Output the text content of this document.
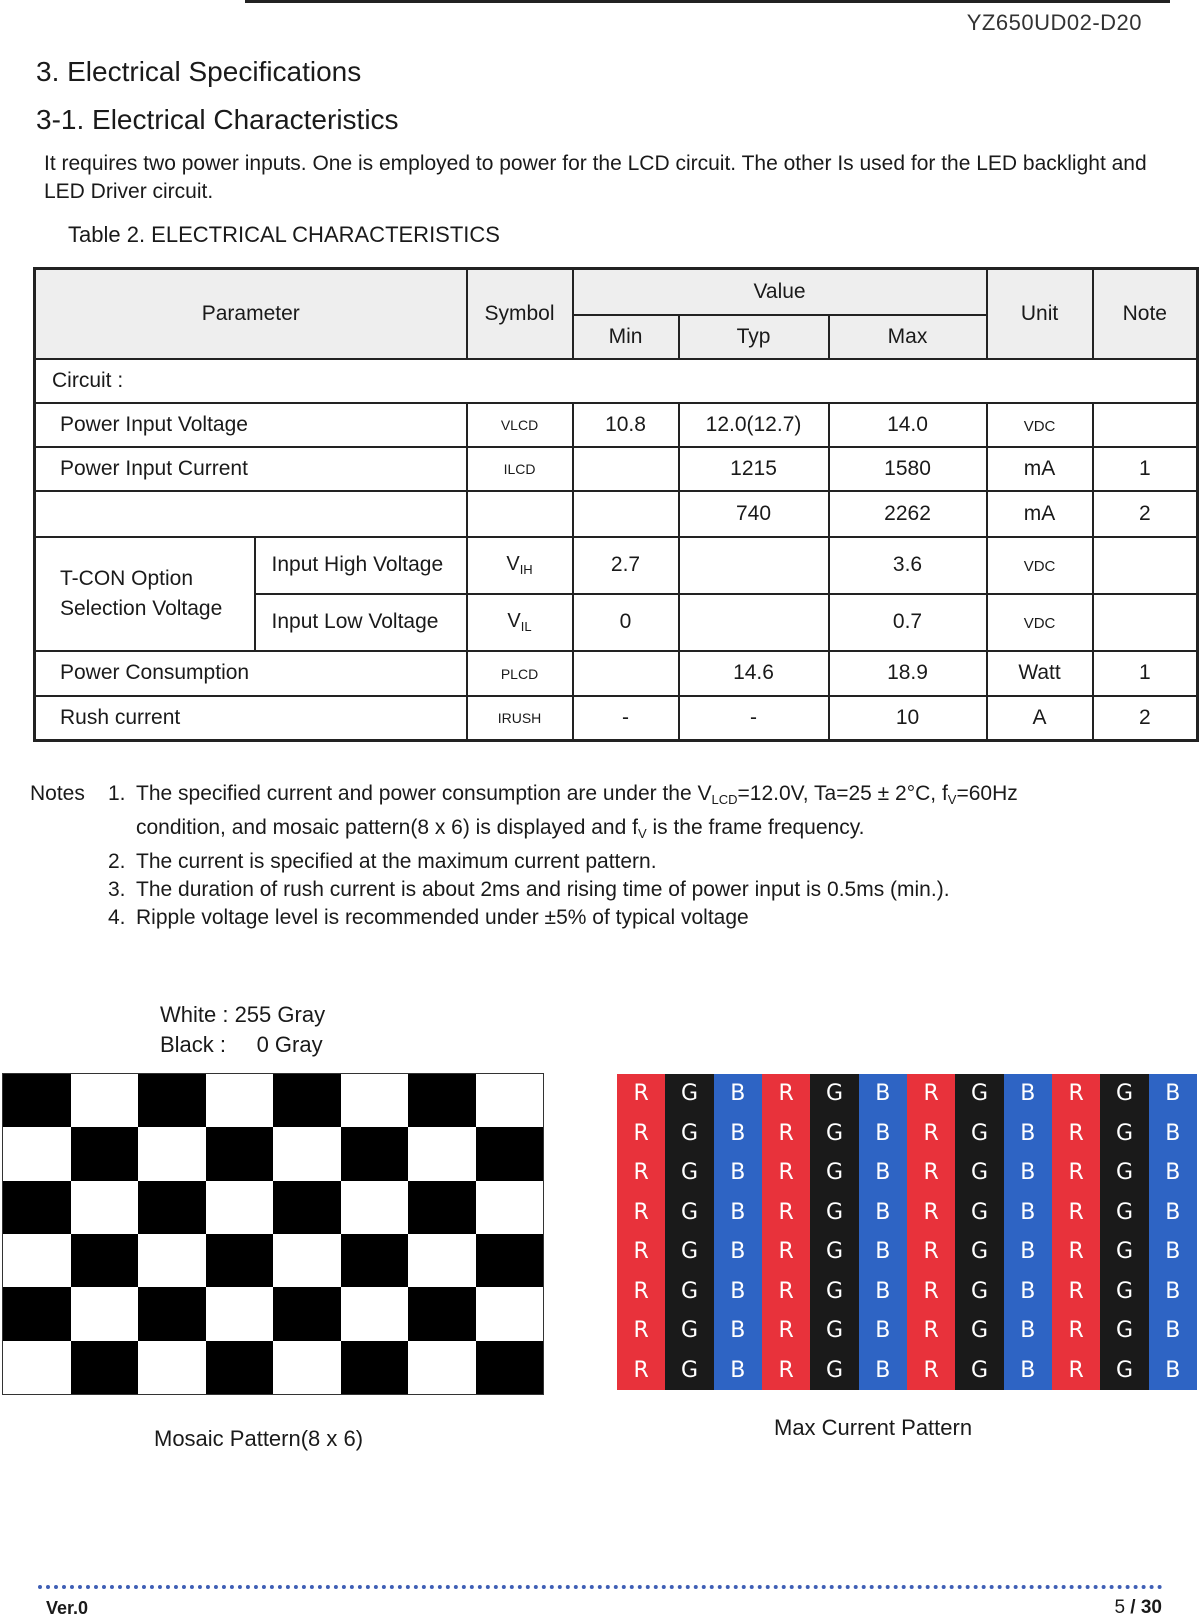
YZ650UD02-D20
3. Electrical Specifications
3-1. Electrical Characteristics
It requires two power inputs. One is employed to power for the LCD circuit. The other Is used for the LED backlight and LED Driver circuit.
Table 2. ELECTRICAL CHARACTERISTICS
Parameter		Symbol	Value			Unit	Note
			Min	Typ	Max		
Circuit :							
Power Input Voltage		vlcd	10.8	12.0(12.7)	14.0	vdc	
Power Input Current		ilcd		1215	1580	mA	1
				740	2262	mA	2
T-CON Option Selection Voltage	Input High Voltage	$V_{IH}$	2.7		3.6	vdc	
	Input Low Voltage	$V_{IL}$	0		0.7	vdc	
Power Consumption		plcd		14.6	18.9	Watt	1
Rush current		irush	-	-	10	A	2
Notes 1. The specified current and power consumption are under the $V_{LCD}=12.0V$, Ta=25 ± 2°C, $f_V=60Hz$
condition, and mosaic pattern(8 x 6) is displayed and $f_V$ is the frame frequency.
2. The current is specified at the maximum current pattern.
3. The duration of rush current is about 2ms and rising time of power input is 0.5ms (min.).
4. Ripple voltage level is recommended under ±5% of typical voltage
White : 255 Gray
Black :     0 Gray
Mosaic Pattern(8 x 6)
R	G	B	R	G	B	R	G	B	R	G	B
R	G	B	R	G	B	R	G	B	R	G	B
R	G	B	R	G	B	R	G	B	R	G	B
R	G	B	R	G	B	R	G	B	R	G	B
R	G	B	R	G	B	R	G	B	R	G	B
R	G	B	R	G	B	R	G	B	R	G	B
R	G	B	R	G	B	R	G	B	R	G	B
R	G	B	R	G	B	R	G	B	R	G	B
Max Current Pattern
Ver.0	5 / 30
